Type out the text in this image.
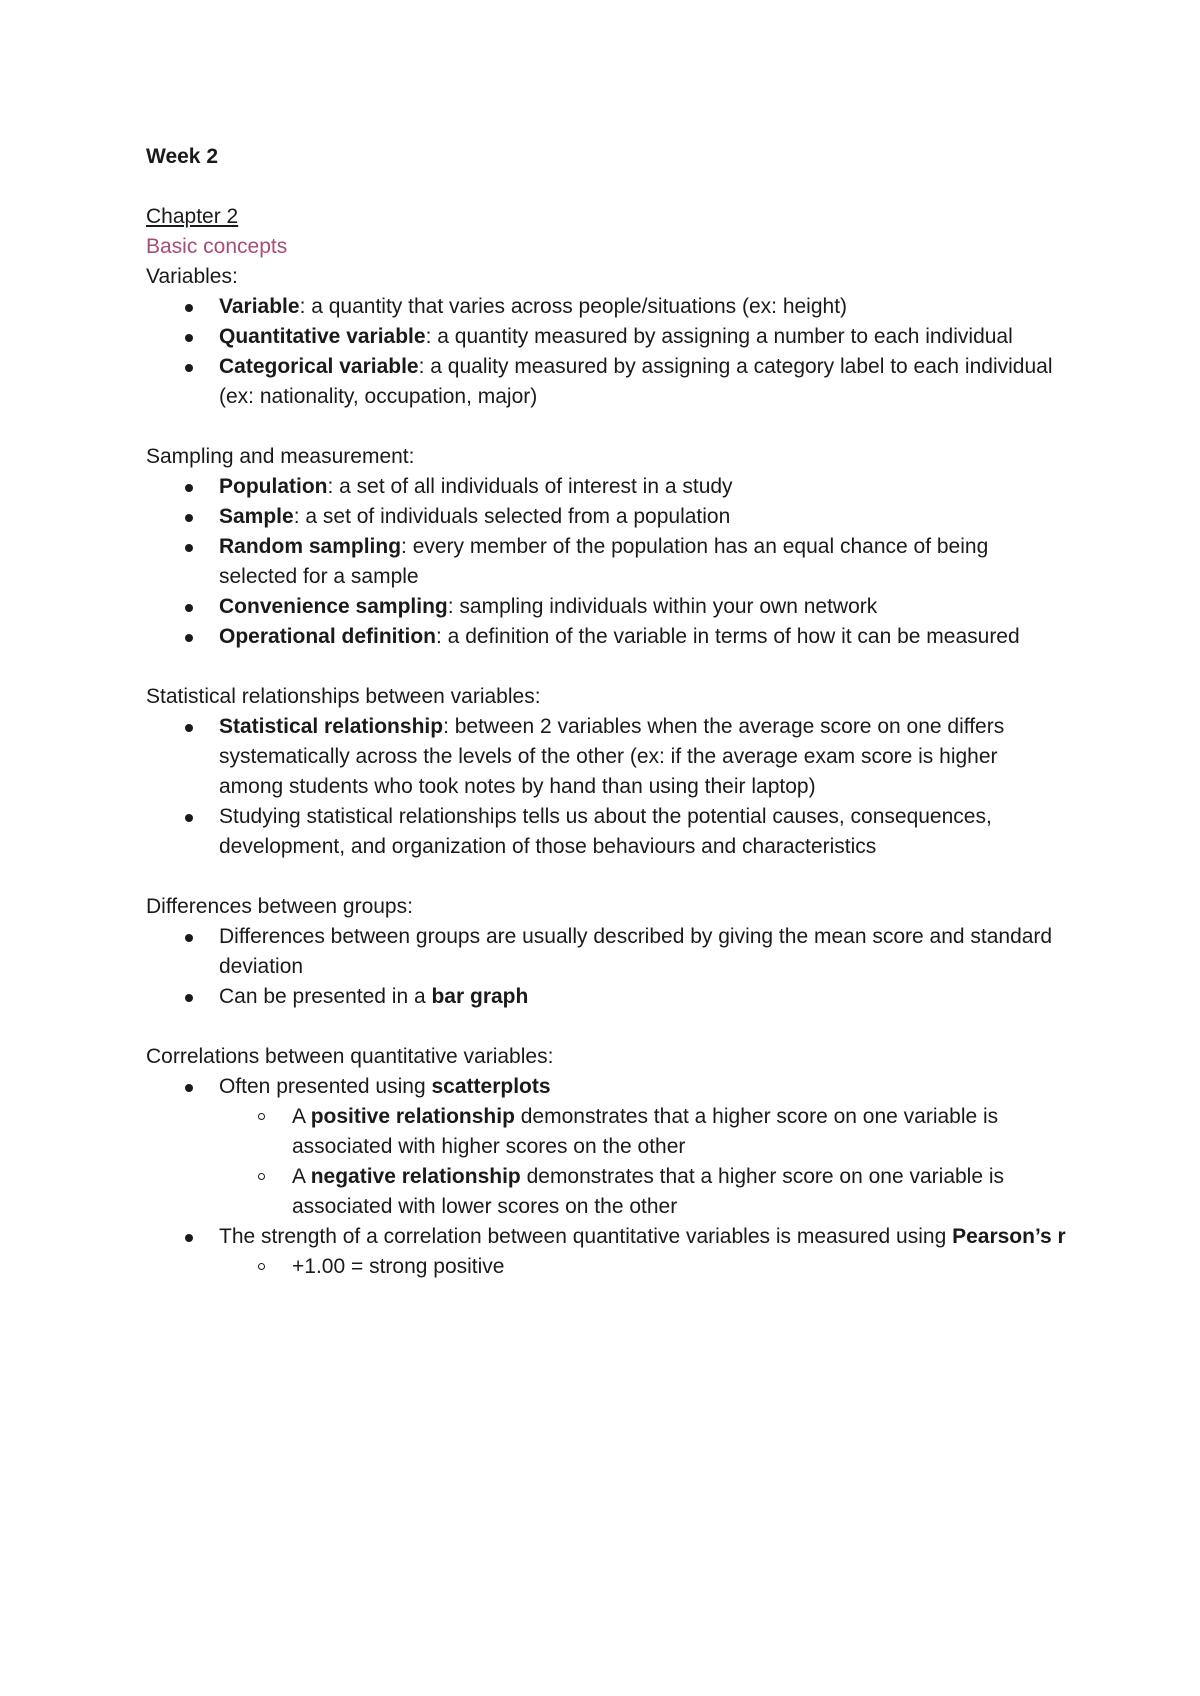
Week 2

Chapter 2
Basic concepts
Variables:
Variable: a quantity that varies across people/situations (ex: height)
Quantitative variable: a quantity measured by assigning a number to each individual
Categorical variable: a quality measured by assigning a category label to each individual (ex: nationality, occupation, major)
Sampling and measurement:
Population: a set of all individuals of interest in a study
Sample: a set of individuals selected from a population
Random sampling: every member of the population has an equal chance of being selected for a sample
Convenience sampling: sampling individuals within your own network
Operational definition: a definition of the variable in terms of how it can be measured
Statistical relationships between variables:
Statistical relationship: between 2 variables when the average score on one differs systematically across the levels of the other (ex: if the average exam score is higher among students who took notes by hand than using their laptop)
Studying statistical relationships tells us about the potential causes, consequences, development, and organization of those behaviours and characteristics
Differences between groups:
Differences between groups are usually described by giving the mean score and standard deviation
Can be presented in a bar graph
Correlations between quantitative variables:
Often presented using scatterplots
A positive relationship demonstrates that a higher score on one variable is associated with higher scores on the other
A negative relationship demonstrates that a higher score on one variable is associated with lower scores on the other
The strength of a correlation between quantitative variables is measured using Pearson’s r
+1.00 = strong positive
